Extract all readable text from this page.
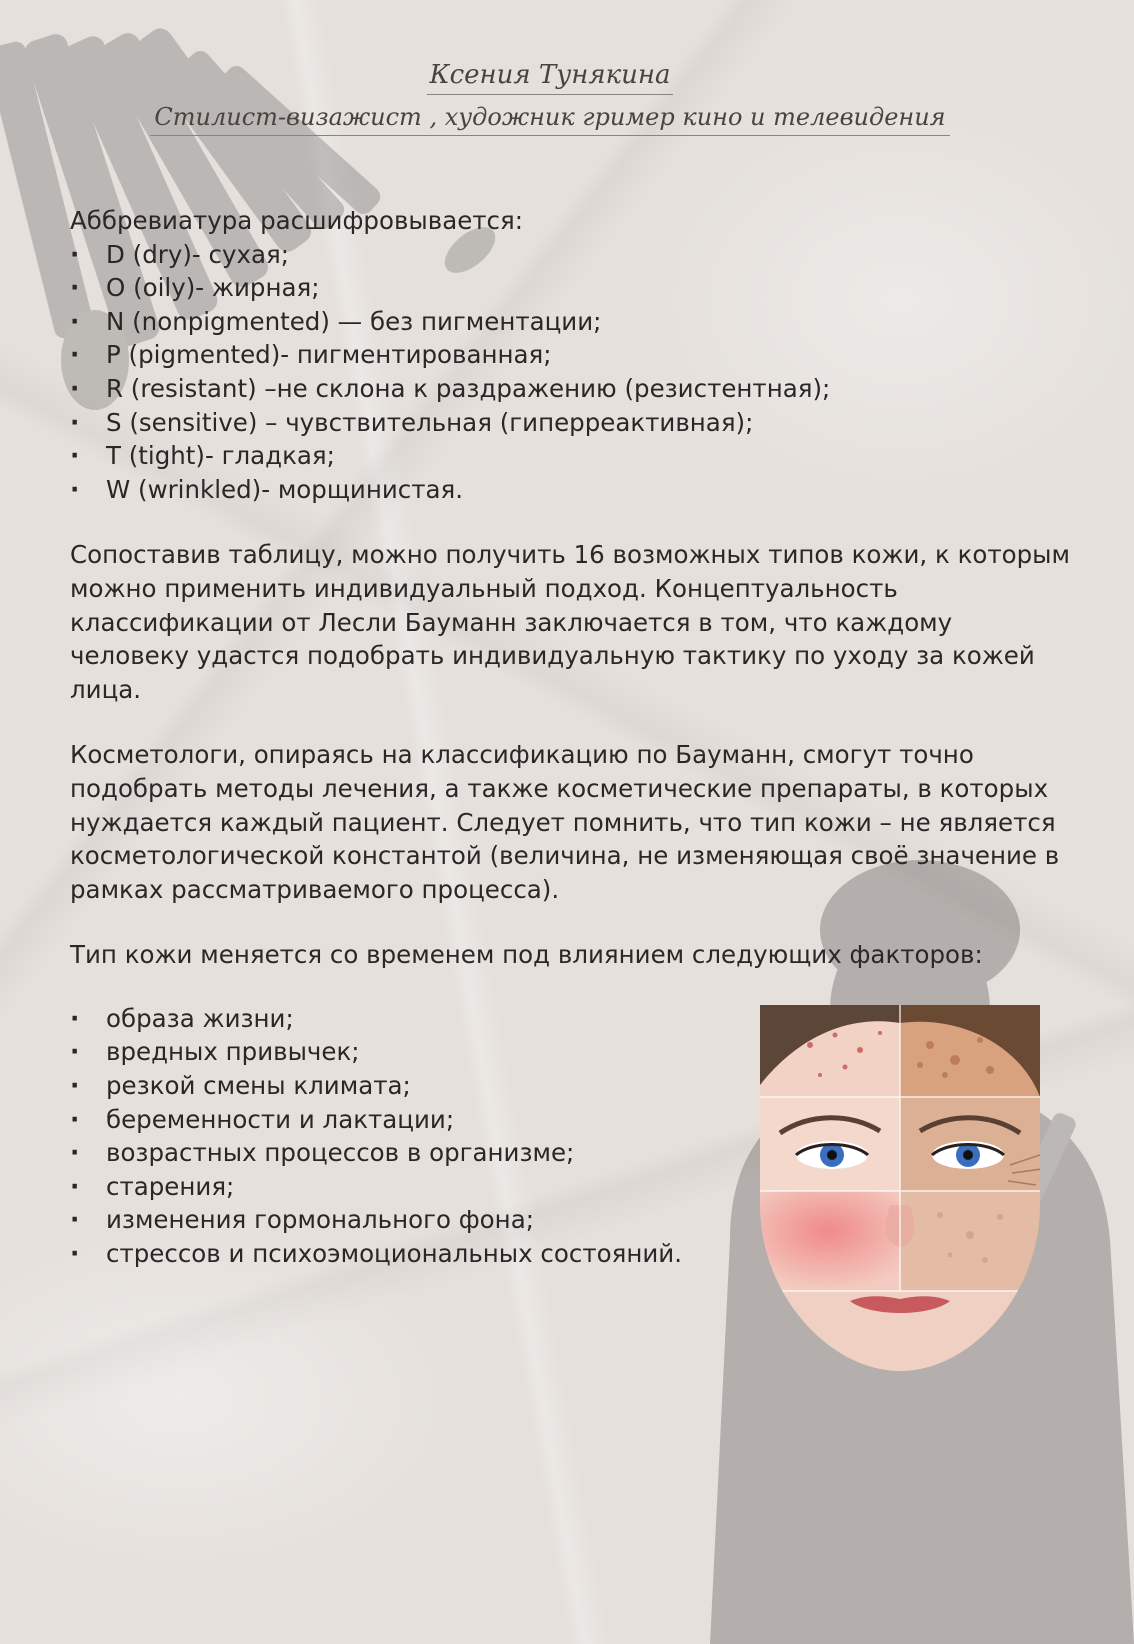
Ксения Тунякина
Стилист-визажист , художник гример кино и телевидения

Аббревиатура расшифровывается:

· D (dry)- сухая;
· O (oily)- жирная;
· N (nonpigmented) — без пигментации;
· P (pigmented)- пигментированная;
· R (resistant) –не склона к раздражению (резистентная);
· S (sensitive) – чувствительная (гиперреактивная);
· T (tight)- гладкая;
· W (wrinkled)- морщинистая.

Сопоставив таблицу, можно получить 16 возможных типов кожи, к которым можно применить индивидуальный подход. Концептуальность классификации от Лесли Бауманн заключается в том, что каждому человеку удастся подобрать индивидуальную тактику по уходу за кожей лица.

Косметологи, опираясь на классификацию по Бауманн, смогут точно подобрать методы лечения, а также косметические препараты, в которых нуждается каждый пациент. Следует помнить, что тип кожи – не является косметологической константой (величина, не изменяющая своё значение в рамках рассматриваемого процесса).

Тип кожи меняется со временем под влиянием следующих факторов:

· образа жизни;
· вредных привычек;
· резкой смены климата;
· беременности и лактации;
· возрастных процессов в организме;
· старения;
· изменения гормонального фона;
· стрессов и психоэмоциональных состояний.
